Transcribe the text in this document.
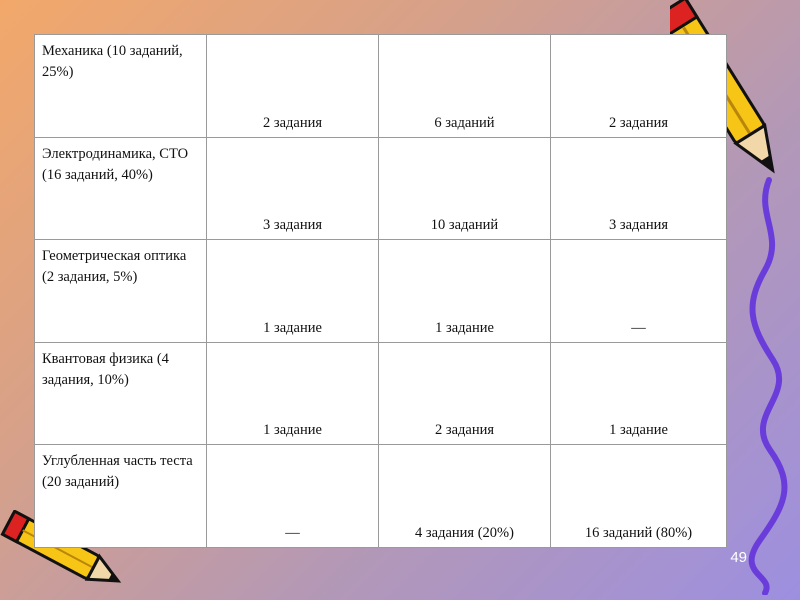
Механика (10 заданий, 25%)	2 задания	6 заданий	2 задания
Электродинамика, СТО (16 заданий, 40%)	3 задания	10 заданий	3 задания
Геометрическая оптика (2 задания, 5%)	1 задание	1 задание	—
Квантовая физика (4 задания, 10%)	1 задание	2 задания	1 задание
Углубленная часть теста (20 заданий)	—	4 задания (20%)	16 заданий (80%)
49
